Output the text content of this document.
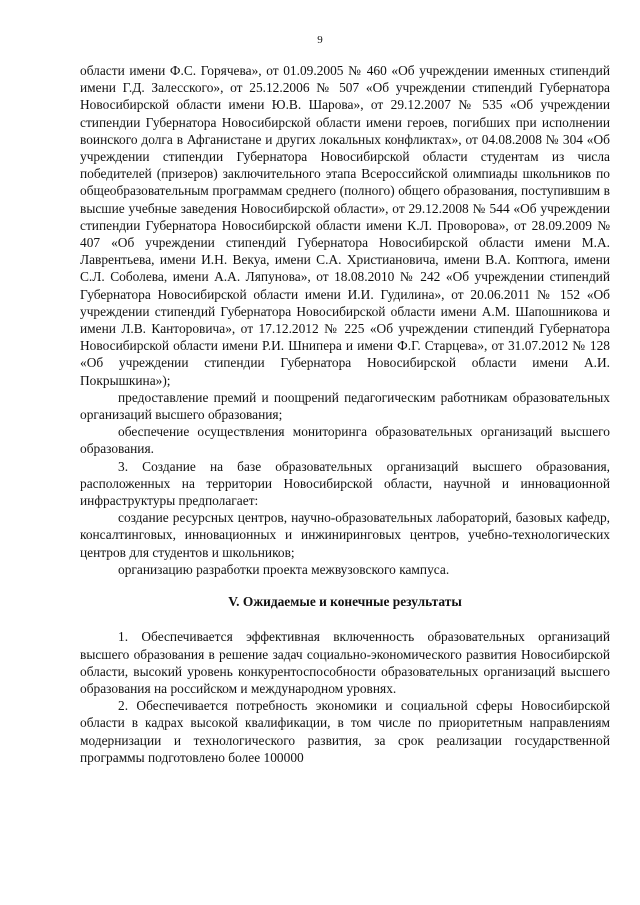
9

области имени Ф.С. Горячева», от 01.09.2005 № 460 «Об учреждении именных стипендий имени Г.Д. Залесского», от 25.12.2006 № 507 «Об учреждении стипендий Губернатора Новосибирской области имени Ю.В. Шарова», от 29.12.2007 № 535 «Об учреждении стипендии Губернатора Новосибирской области имени героев, погибших при исполнении воинского долга в Афганистане и других локальных конфликтах», от 04.08.2008 № 304 «Об учреждении стипендии Губернатора Новосибирской области студентам из числа победителей (призеров) заключительного этапа Всероссийской олимпиады школьников по общеобразовательным программам среднего (полного) общего образования, поступившим в высшие учебные заведения Новосибирской области», от 29.12.2008 № 544 «Об учреждении стипендии Губернатора Новосибирской области имени К.Л. Проворова», от 28.09.2009 № 407 «Об учреждении стипендий Губернатора Новосибирской области имени М.А. Лаврентьева, имени И.Н. Векуа, имени С.А. Христиановича, имени В.А. Коптюга, имени С.Л. Соболева, имени А.А. Ляпунова», от 18.08.2010 № 242 «Об учреждении стипендий Губернатора Новосибирской области имени И.И. Гудилина», от 20.06.2011 № 152 «Об учреждении стипендий Губернатора Новосибирской области имени А.М. Шапошникова и имени Л.В. Канторовича», от 17.12.2012 № 225 «Об учреждении стипендий Губернатора Новосибирской области имени Р.И. Шнипера и имени Ф.Г. Старцева», от 31.07.2012 № 128 «Об учреждении стипендии Губернатора Новосибирской области имени А.И. Покрышкина»);

предоставление премий и поощрений педагогическим работникам образовательных организаций высшего образования;

обеспечение осуществления мониторинга образовательных организаций высшего образования.

3. Создание на базе образовательных организаций высшего образования, расположенных на территории Новосибирской области, научной и инновационной инфраструктуры предполагает:

создание ресурсных центров, научно-образовательных лабораторий, базовых кафедр, консалтинговых, инновационных и инжиниринговых центров, учебно-технологических центров для студентов и школьников;

организацию разработки проекта межвузовского кампуса.

V. Ожидаемые и конечные результаты

1. Обеспечивается эффективная включенность образовательных организаций высшего образования в решение задач социально-экономического развития Новосибирской области, высокий уровень конкурентоспособности образовательных организаций высшего образования на российском и международном уровнях.

2. Обеспечивается потребность экономики и социальной сферы Новосибирской области в кадрах высокой квалификации, в том числе по приоритетным направлениям модернизации и технологического развития, за срок реализации государственной программы подготовлено более 100000
